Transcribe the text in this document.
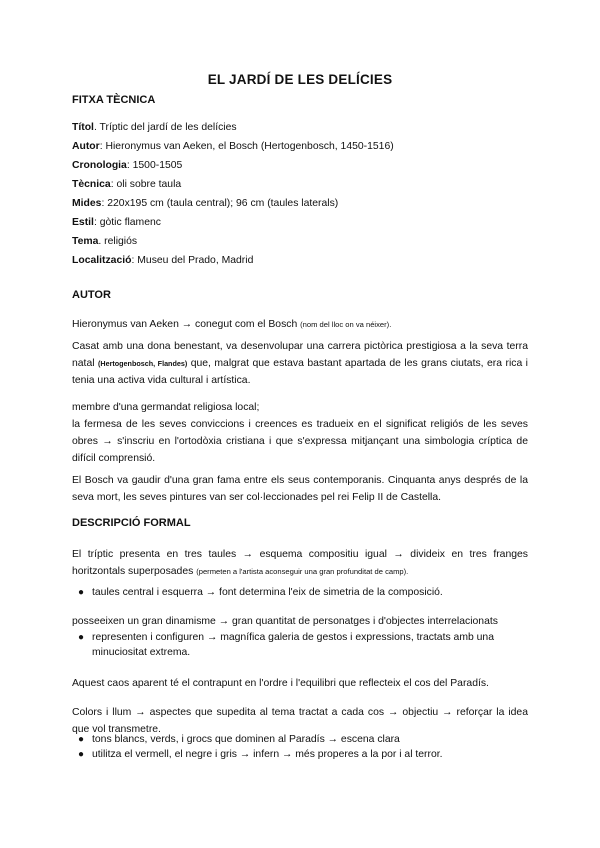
EL JARDÍ DE LES DELÍCIES
FITXA TÈCNICA
Títol. Tríptic del jardí de les delícies
Autor: Hieronymus van Aeken, el Bosch (Hertogenbosch, 1450-1516)
Cronologia: 1500-1505
Tècnica: oli sobre taula
Mides: 220x195 cm (taula central); 96 cm (taules laterals)
Estil: gòtic flamenc
Tema. religiós
Localització: Museu del Prado, Madrid
AUTOR
Hieronymus van Aeken → conegut com el Bosch (nom del lloc on va néixer).
Casat amb una dona benestant, va desenvolupar una carrera pictòrica prestigiosa a la seva terra natal (Hertogenbosch, Flandes) que, malgrat que estava bastant apartada de les grans ciutats, era rica i tenia una activa vida cultural i artística.
membre d'una germandat religiosa local;
la fermesa de les seves conviccions i creences es tradueix en el significat religiós de les seves obres → s'inscriu en l'ortodòxia cristiana i que s'expressa mitjançant una simbologia críptica de difícil comprensió.
El Bosch va gaudir d'una gran fama entre els seus contemporanis. Cinquanta anys després de la seva mort, les seves pintures van ser col·leccionades pel rei Felip II de Castella.
DESCRIPCIÓ FORMAL
El tríptic presenta en tres taules → esquema compositiu igual → divideix en tres franges horitzontals superposades (permeten a l'artista aconseguir una gran profunditat de camp).
● taules central i esquerra → font determina l'eix de simetria de la composició.
posseeixen un gran dinamisme → gran quantitat de personatges i d'objectes interrelacionats
● representen i configuren → magnífica galeria de gestos i expressions, tractats amb una minuciositat extrema.
Aquest caos aparent té el contrapunt en l'ordre i l'equilibri que reflecteix el cos del Paradís.
Colors i llum → aspectes que supedita al tema tractat a cada cos → objectiu → reforçar la idea que vol transmetre.
● tons blancs, verds, i grocs que dominen al Paradís → escena clara
● utilitza el vermell, el negre i gris → infern → més properes a la por i al terror.
